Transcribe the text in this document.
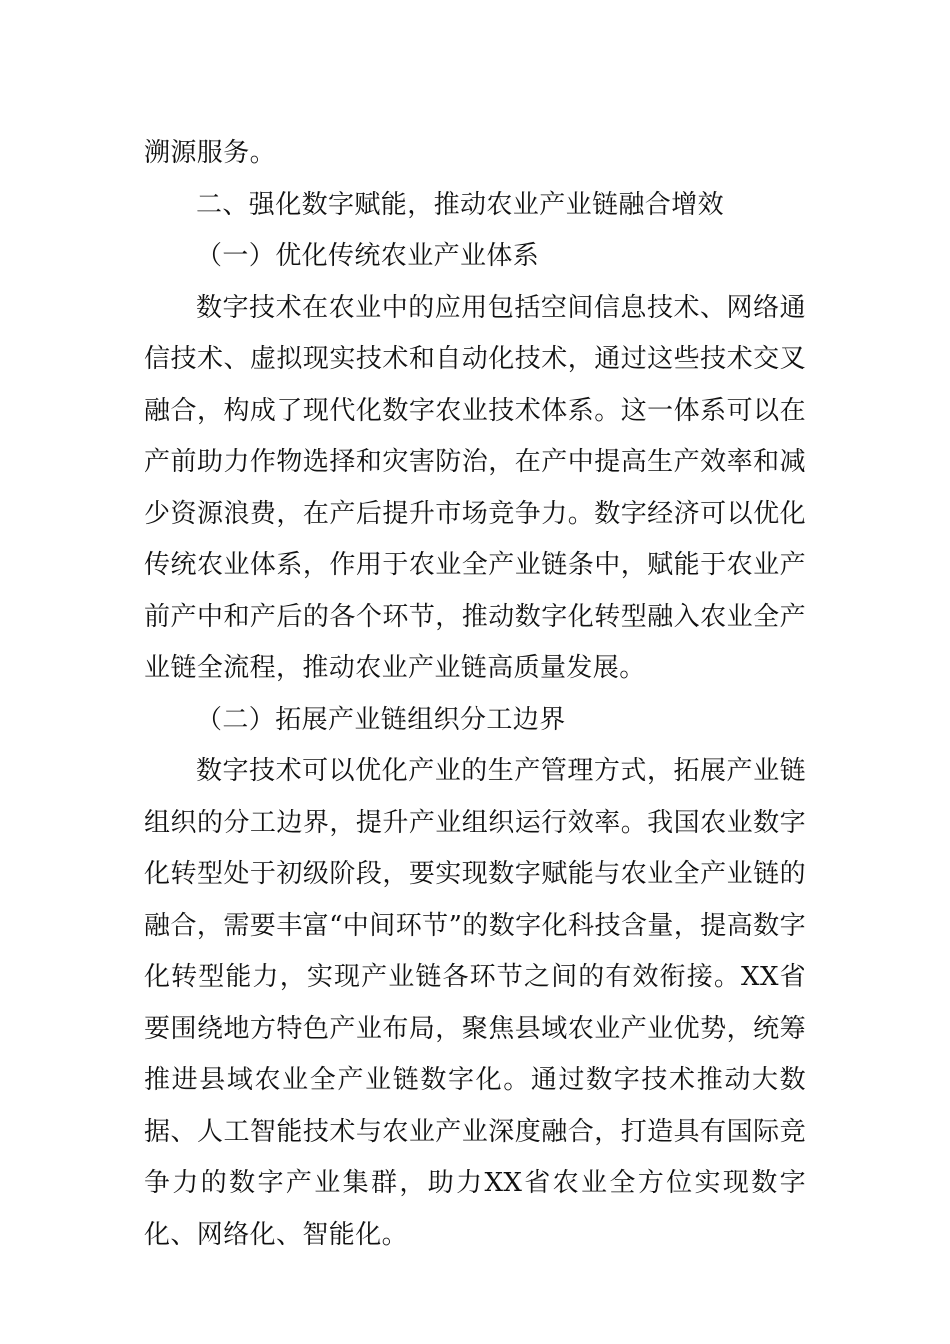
溯源服务。

二、强化数字赋能，推动农业产业链融合增效

（一）优化传统农业产业体系

数字技术在农业中的应用包括空间信息技术、网络通信技术、虚拟现实技术和自动化技术，通过这些技术交叉融合，构成了现代化数字农业技术体系。这一体系可以在产前助力作物选择和灾害防治，在产中提高生产效率和减少资源浪费，在产后提升市场竞争力。数字经济可以优化传统农业体系，作用于农业全产业链条中，赋能于农业产前产中和产后的各个环节，推动数字化转型融入农业全产业链全流程，推动农业产业链高质量发展。

（二）拓展产业链组织分工边界

数字技术可以优化产业的生产管理方式，拓展产业链组织的分工边界，提升产业组织运行效率。我国农业数字化转型处于初级阶段，要实现数字赋能与农业全产业链的融合，需要丰富“中间环节”的数字化科技含量，提高数字化转型能力，实现产业链各环节之间的有效衔接。XX省要围绕地方特色产业布局，聚焦县域农业产业优势，统筹推进县域农业全产业链数字化。通过数字技术推动大数据、人工智能技术与农业产业深度融合，打造具有国际竞争力的数字产业集群，助力XX省农业全方位实现数字化、网络化、智能化。
